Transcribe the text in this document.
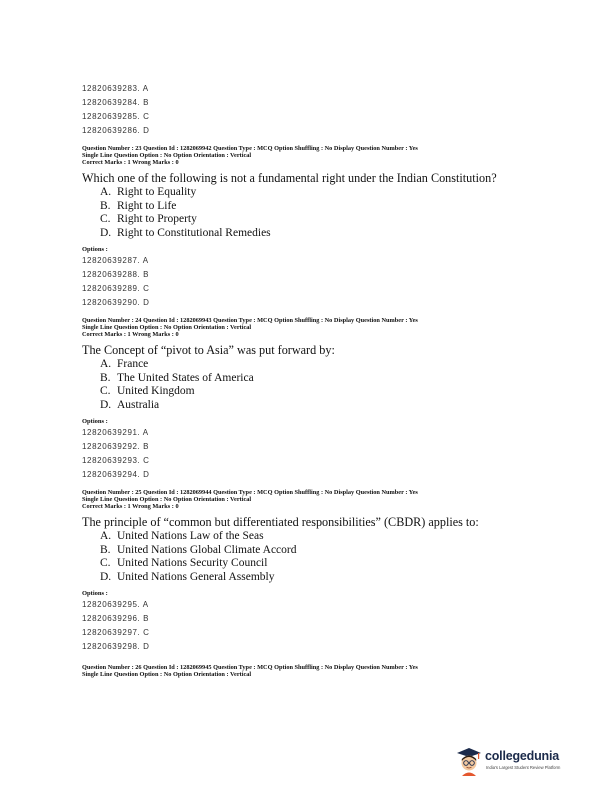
12820639283. A
12820639284. B
12820639285. C
12820639286. D
Question Number : 23 Question Id : 1282069942 Question Type : MCQ Option Shuffling : No Display Question Number : Yes
Single Line Question Option : No Option Orientation : Vertical
Correct Marks : 1 Wrong Marks : 0

Which one of the following is not a fundamental right under the Indian Constitution?

A. Right to Equality
B. Right to Life
C. Right to Property
D. Right to Constitutional Remedies
Options :
12820639287. A
12820639288. B
12820639289. C
12820639290. D
Question Number : 24 Question Id : 1282069943 Question Type : MCQ Option Shuffling : No Display Question Number : Yes
Single Line Question Option : No Option Orientation : Vertical
Correct Marks : 1 Wrong Marks : 0

The Concept of “pivot to Asia” was put forward by:

A. France
B. The United States of America
C. United Kingdom
D. Australia
Options :
12820639291. A
12820639292. B
12820639293. C
12820639294. D
Question Number : 25 Question Id : 1282069944 Question Type : MCQ Option Shuffling : No Display Question Number : Yes
Single Line Question Option : No Option Orientation : Vertical
Correct Marks : 1 Wrong Marks : 0

The principle of “common but differentiated responsibilities” (CBDR) applies to:

A. United Nations Law of the Seas
B. United Nations Global Climate Accord
C. United Nations Security Council
D. United Nations General Assembly
Options :
12820639295. A
12820639296. B
12820639297. C
12820639298. D
Question Number : 26 Question Id : 1282069945 Question Type : MCQ Option Shuffling : No Display Question Number : Yes
Single Line Question Option : No Option Orientation : Vertical
collegedunia
India's Largest Student Review Platform
